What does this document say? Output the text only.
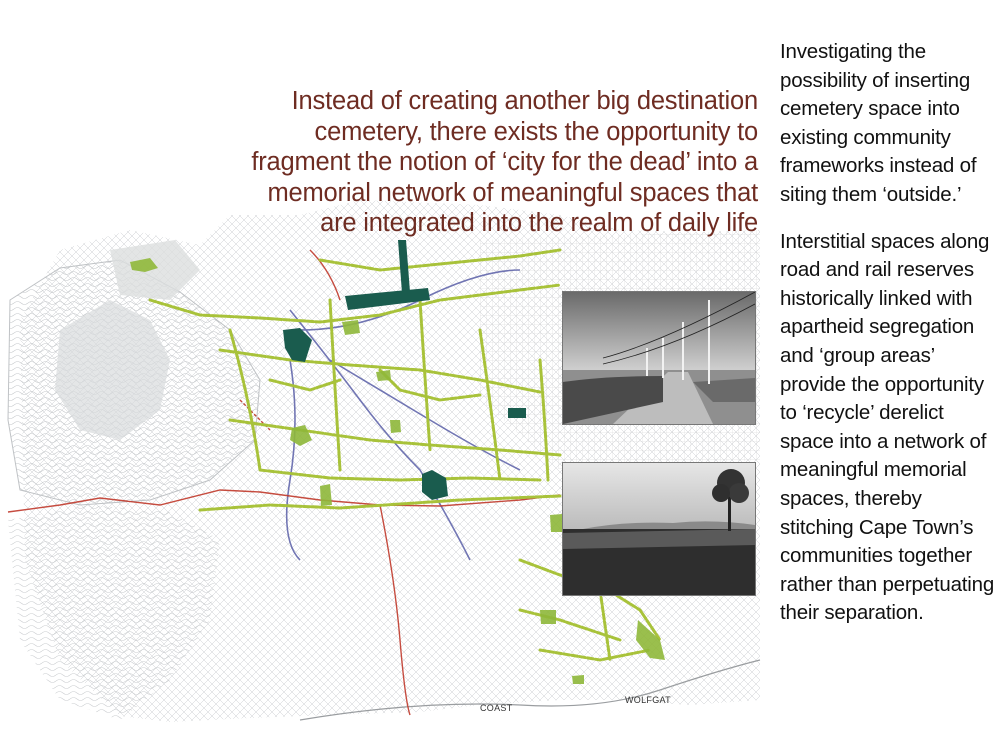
Instead of creating another big destination cemetery, there exists the opportunity to fragment the notion of ‘city for the dead’ into a memorial network of meaningful spaces that are integrated into the realm of daily life

Investigating the possibility of inserting cemetery space into existing community frameworks instead of siting them ‘outside.’

Interstitial spaces along road and rail reserves historically linked with apartheid segregation and ‘group areas’ provide the opportunity to ‘recycle’ derelict space into a network of meaningful memorial spaces, thereby stitching Cape Town’s communities together rather than perpetuating their separation.

COAST
WOLFGAT
